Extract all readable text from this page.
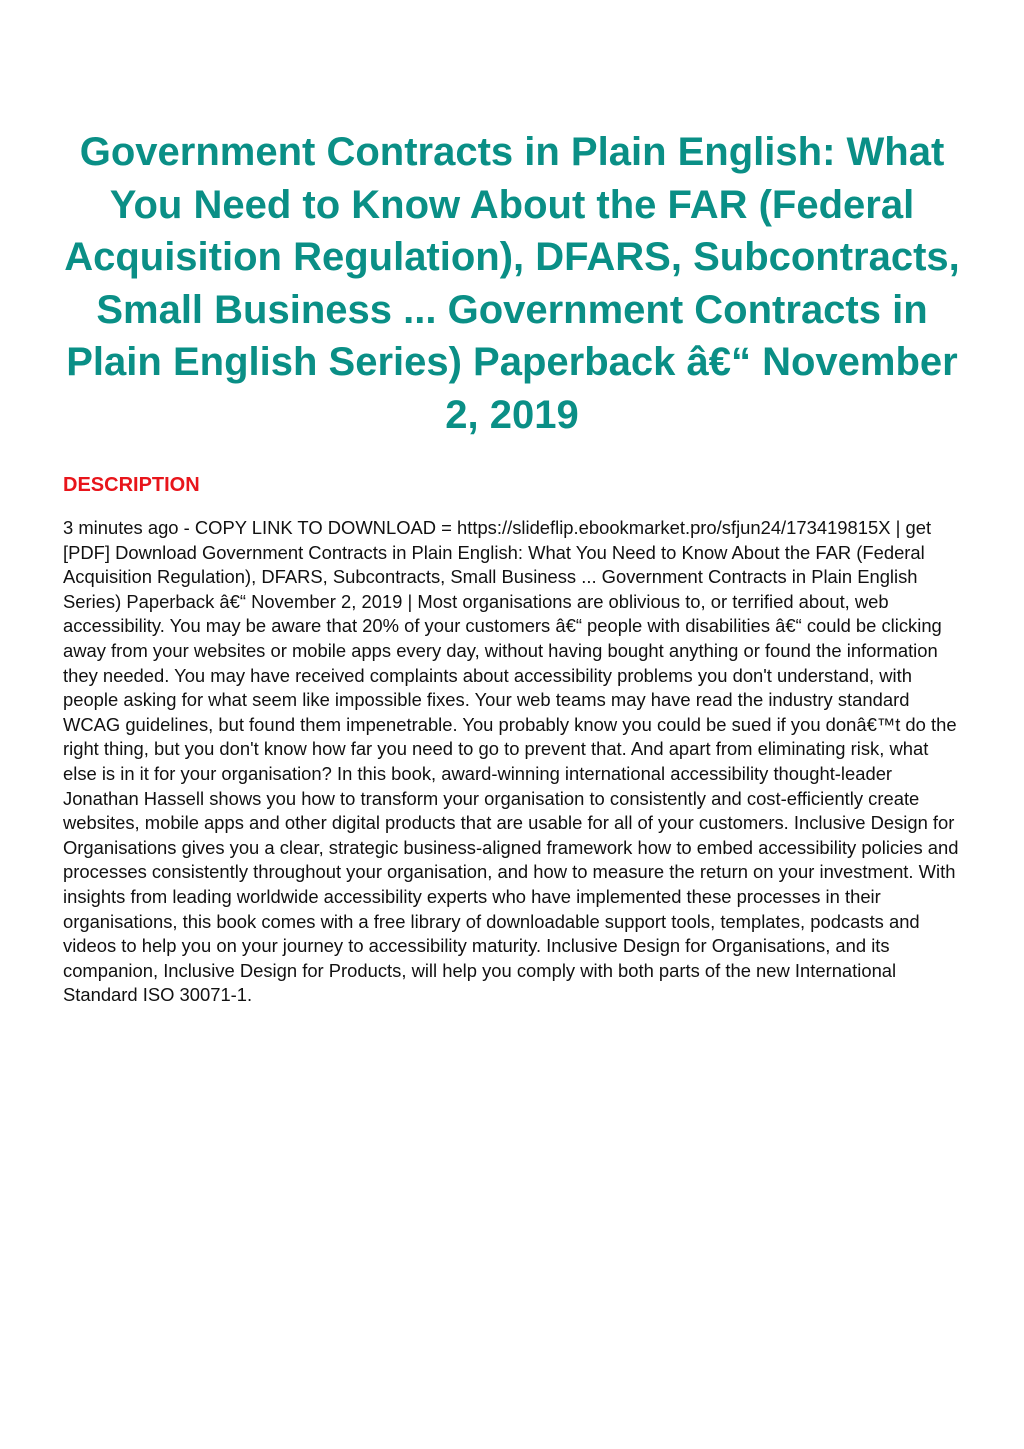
Government Contracts in Plain English: What You Need to Know About the FAR (Federal Acquisition Regulation), DFARS, Subcontracts, Small Business ... Government Contracts in Plain English Series) Paperback â€“ November 2, 2019
DESCRIPTION

3 minutes ago - COPY LINK TO DOWNLOAD = https://slideflip.ebookmarket.pro/sfjun24/173419815X | get [PDF] Download Government Contracts in Plain English: What You Need to Know About the FAR (Federal Acquisition Regulation), DFARS, Subcontracts, Small Business ... Government Contracts in Plain English Series) Paperback â€“ November 2, 2019 | Most organisations are oblivious to, or terrified about, web accessibility. You may be aware that 20% of your customers â€“ people with disabilities â€“ could be clicking away from your websites or mobile apps every day, without having bought anything or found the information they needed. You may have received complaints about accessibility problems you don't understand, with people asking for what seem like impossible fixes. Your web teams may have read the industry standard WCAG guidelines, but found them impenetrable. You probably know you could be sued if you donâ€™t do the right thing, but you don't know how far you need to go to prevent that. And apart from eliminating risk, what else is in it for your organisation? In this book, award-winning international accessibility thought-leader Jonathan Hassell shows you how to transform your organisation to consistently and cost-efficiently create websites, mobile apps and other digital products that are usable for all of your customers. Inclusive Design for Organisations gives you a clear, strategic business-aligned framework how to embed accessibility policies and processes consistently throughout your organisation, and how to measure the return on your investment. With insights from leading worldwide accessibility experts who have implemented these processes in their organisations, this book comes with a free library of downloadable support tools, templates, podcasts and videos to help you on your journey to accessibility maturity. Inclusive Design for Organisations, and its companion, Inclusive Design for Products, will help you comply with both parts of the new International Standard ISO 30071-1.
